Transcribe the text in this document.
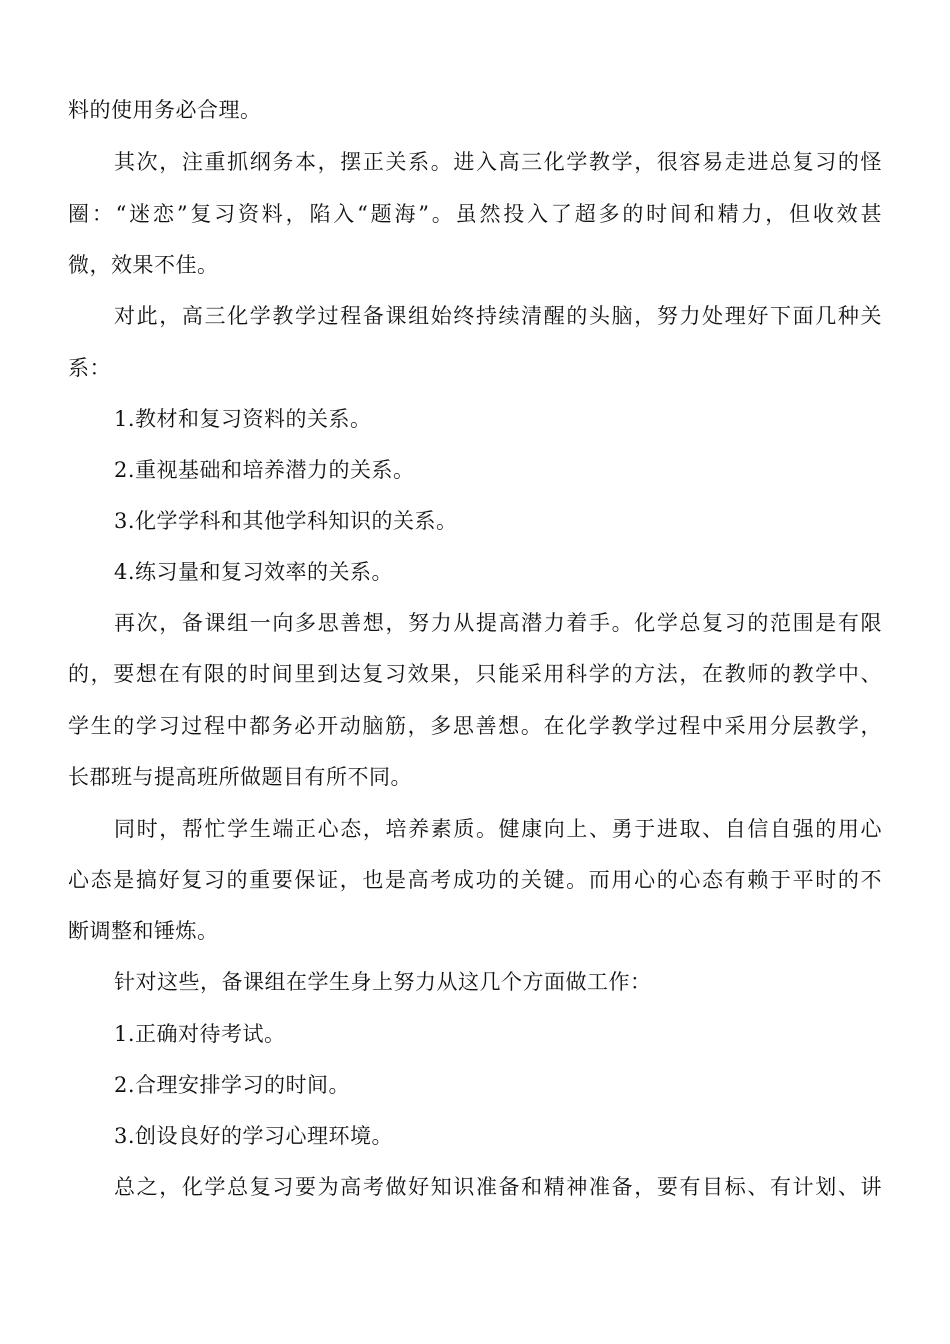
料的使用务必合理。
其次，注重抓纲务本，摆正关系。进入高三化学教学，很容易走进总复习的怪
圈：“迷恋”复习资料，陷入“题海”。虽然投入了超多的时间和精力，但收效甚
微，效果不佳。
对此，高三化学教学过程备课组始终持续清醒的头脑，努力处理好下面几种关
系：
1.教材和复习资料的关系。
2.重视基础和培养潜力的关系。
3.化学学科和其他学科知识的关系。
4.练习量和复习效率的关系。
再次，备课组一向多思善想，努力从提高潜力着手。化学总复习的范围是有限
的，要想在有限的时间里到达复习效果，只能采用科学的方法，在教师的教学中、
学生的学习过程中都务必开动脑筋，多思善想。在化学教学过程中采用分层教学，
长郡班与提高班所做题目有所不同。
同时，帮忙学生端正心态，培养素质。健康向上、勇于进取、自信自强的用心
心态是搞好复习的重要保证，也是高考成功的关键。而用心的心态有赖于平时的不
断调整和锤炼。
针对这些，备课组在学生身上努力从这几个方面做工作：
1.正确对待考试。
2.合理安排学习的时间。
3.创设良好的学习心理环境。
总之，化学总复习要为高考做好知识准备和精神准备，要有目标、有计划、讲
